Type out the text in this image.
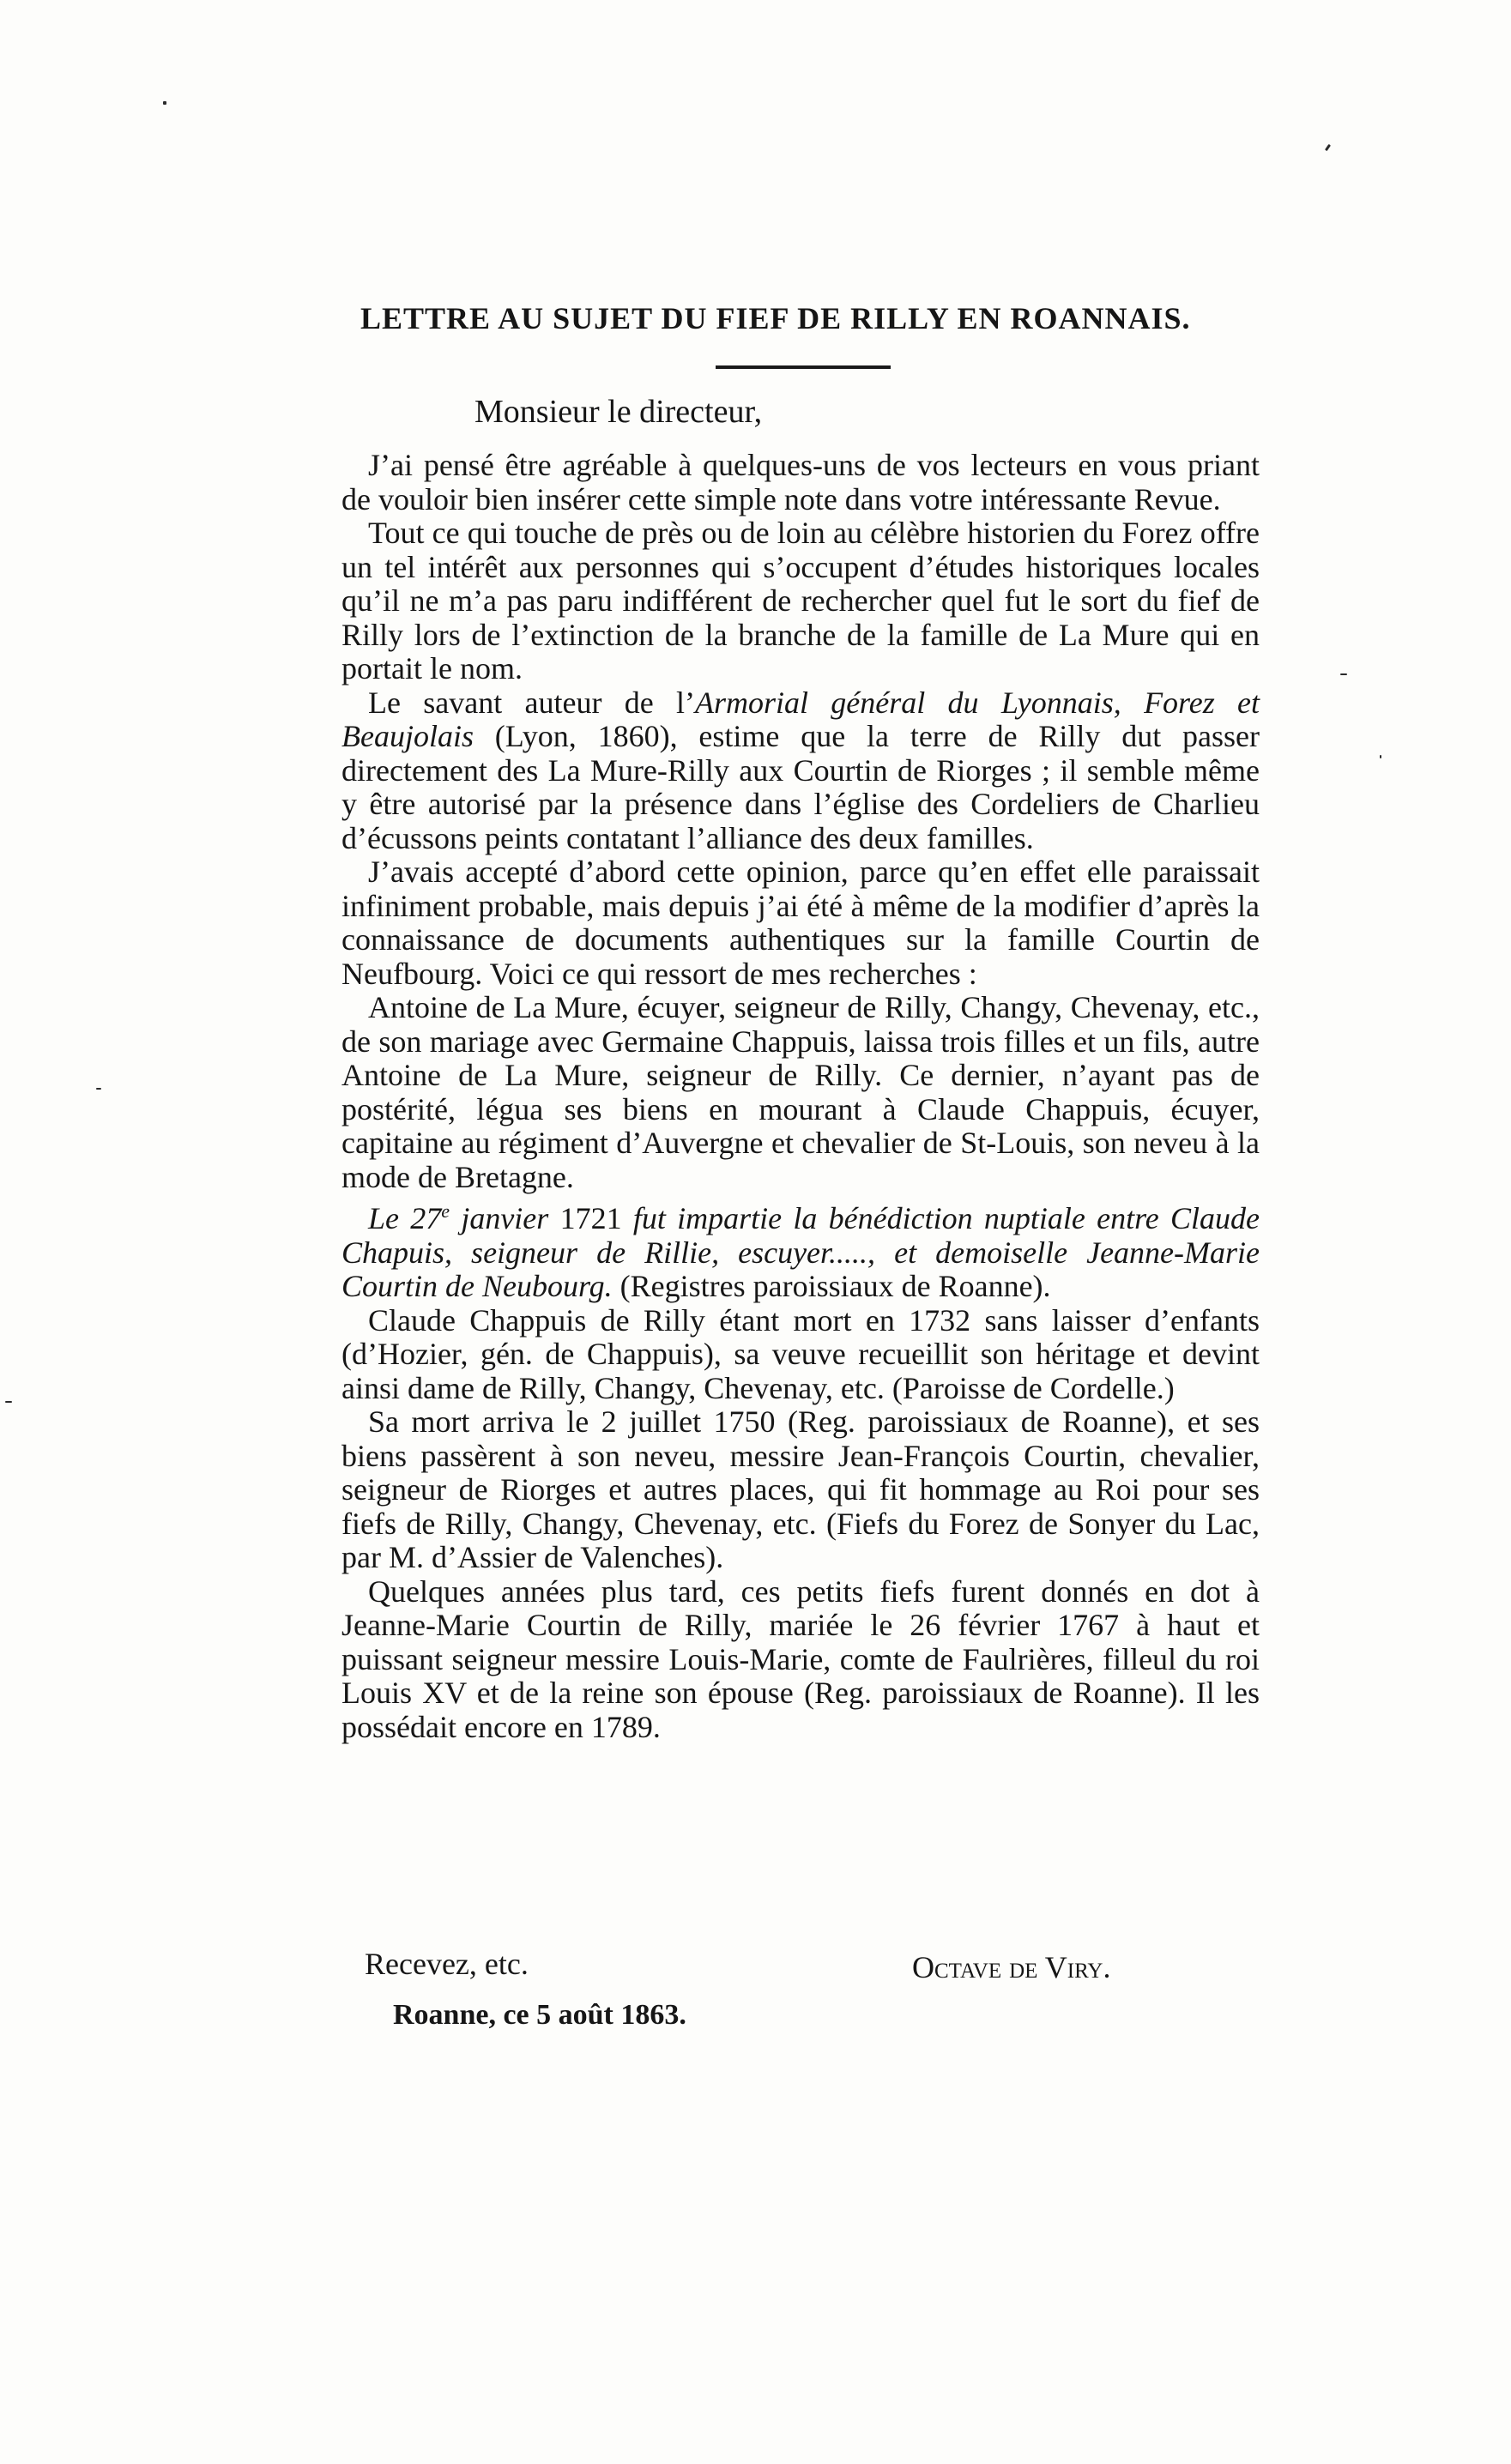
LETTRE AU SUJET DU FIEF DE RILLY EN ROANNAIS.
Monsieur le directeur,

J’ai pensé être agréable à quelques-uns de vos lecteurs en vous priant de vouloir bien insérer cette simple note dans votre intéressante Revue.

Tout ce qui touche de près ou de loin au célèbre historien du Forez offre un tel intérêt aux personnes qui s’occupent d’études historiques locales qu’il ne m’a pas paru indifférent de rechercher quel fut le sort du fief de Rilly lors de l’extinction de la branche de la famille de La Mure qui en portait le nom.

Le savant auteur de l’Armorial général du Lyonnais, Forez et Beaujolais (Lyon, 1860), estime que la terre de Rilly dut passer directement des La Mure-Rilly aux Courtin de Riorges ; il semble même y être autorisé par la présence dans l’église des Cordeliers de Charlieu d’écussons peints contatant l’alliance des deux familles.

J’avais accepté d’abord cette opinion, parce qu’en effet elle paraissait infiniment probable, mais depuis j’ai été à même de la modifier d’après la connaissance de documents authentiques sur la famille Courtin de Neufbourg. Voici ce qui ressort de mes recherches :

Antoine de La Mure, écuyer, seigneur de Rilly, Changy, Chevenay, etc., de son mariage avec Germaine Chappuis, laissa trois filles et un fils, autre Antoine de La Mure, seigneur de Rilly. Ce dernier, n’ayant pas de postérité, légua ses biens en mourant à Claude Chappuis, écuyer, capitaine au régiment d’Auvergne et chevalier de St-Louis, son neveu à la mode de Bretagne.

Le 27e janvier 1721 fut impartie la bénédiction nuptiale entre Claude Chapuis, seigneur de Rillie, escuyer....., et demoiselle Jeanne-Marie Courtin de Neubourg. (Registres paroissiaux de Roanne).

Claude Chappuis de Rilly étant mort en 1732 sans laisser d’enfants (d’Hozier, gén. de Chappuis), sa veuve recueillit son héritage et devint ainsi dame de Rilly, Changy, Chevenay, etc. (Paroisse de Cordelle.)

Sa mort arriva le 2 juillet 1750 (Reg. paroissiaux de Roanne), et ses biens passèrent à son neveu, messire Jean-François Courtin, chevalier, seigneur de Riorges et autres places, qui fit hommage au Roi pour ses fiefs de Rilly, Changy, Chevenay, etc. (Fiefs du Forez de Sonyer du Lac, par M. d’Assier de Valenches).

Quelques années plus tard, ces petits fiefs furent donnés en dot à Jeanne-Marie Courtin de Rilly, mariée le 26 février 1767 à haut et puissant seigneur messire Louis-Marie, comte de Faulrières, filleul du roi Louis XV et de la reine son épouse (Reg. paroissiaux de Roanne). Il les possédait encore en 1789.

Recevez, etc.	Octave de Viry.
Roanne, ce 5 août 1863.
